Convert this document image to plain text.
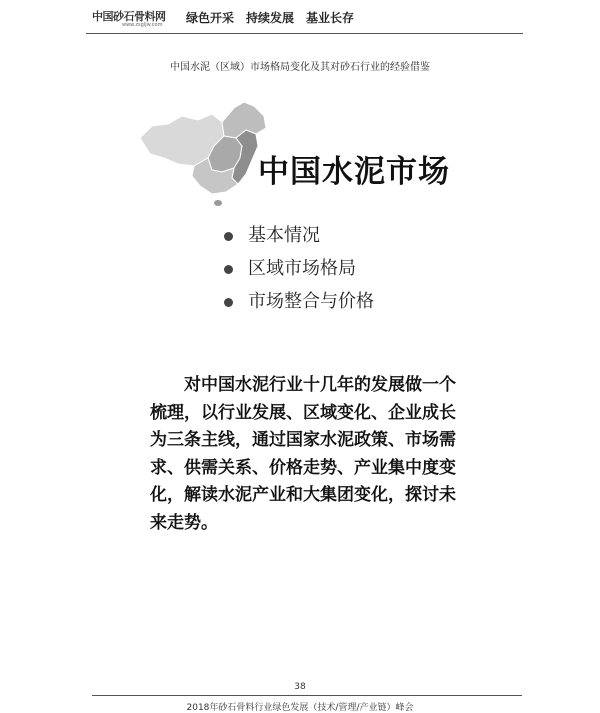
中国砂石骨料网
www.zsgljw.com 绿色开采　持续发展　基业长存
中国水泥（区域）市场格局变化及其对砂石行业的经验借鉴
中国水泥市场
基本情况
区域市场格局
市场整合与价格

对中国水泥行业十几年的发展做一个梳理，以行业发展、区域变化、企业成长为三条主线，通过国家水泥政策、市场需求、供需关系、价格走势、产业集中度变化，解读水泥产业和大集团变化，探讨未来走势。

38
2018年砂石骨料行业绿色发展（技术/管理/产业链）峰会
